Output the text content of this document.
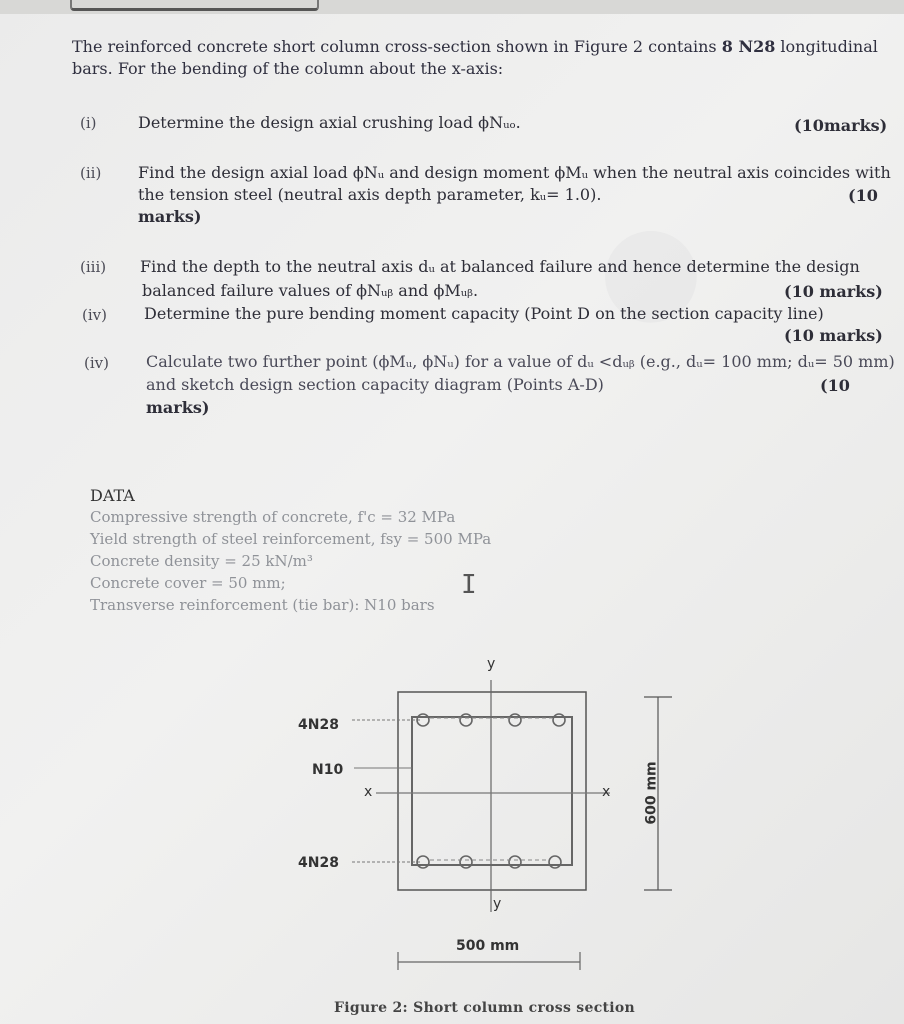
●
The reinforced concrete short column cross-section shown in Figure 2 contains 8 N28 longitudinal
bars. For the bending of the column about the x-axis:
(i)	Determine the design axial crushing load ϕNᵤₒ.	(10marks)
(ii) Find the design axial load ϕNᵤ and design moment ϕMᵤ when the neutral axis coincides with
the tension steel (neutral axis depth parameter, kᵤ= 1.0).	(10
marks)
(iii) Find the depth to the neutral axis dᵤ at balanced failure and hence determine the design
balanced failure values of ϕNᵤᵦ and ϕMᵤᵦ.	(10 marks)
(iv) Determine the pure bending moment capacity (Point D on the section capacity line)
(10 marks)
(iv) Calculate two further point (ϕMᵤ, ϕNᵤ) for a value of dᵤ <dᵤᵦ (e.g., dᵤ= 100 mm; dᵤ= 50 mm)
and sketch design section capacity diagram (Points A-D)	(10
marks)
DATA
Compressive strength of concrete, f'c = 32 MPa
Yield strength of steel reinforcement, fsy = 500 MPa
Concrete density = 25 kN/m³
Concrete cover = 50 mm;
Transverse reinforcement (tie bar): N10 bars
I
4N28
N10
4N28
x	x
y
y
500 mm
600 mm
Figure 2: Short column cross section
